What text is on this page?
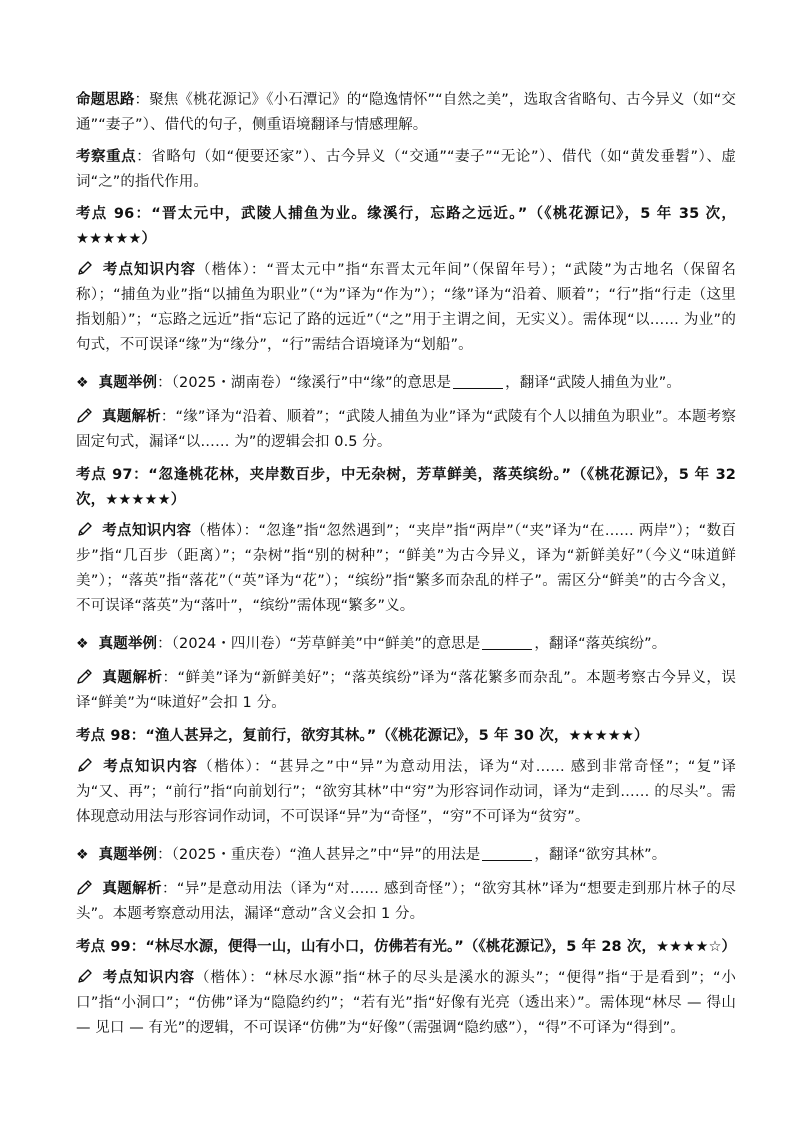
命题思路：聚焦《桃花源记》《小石潭记》的“隐逸情怀”“自然之美”，选取含省略句、古今异义（如“交通”“妻子”）、借代的句子，侧重语境翻译与情感理解。

考察重点：省略句（如“便要还家”）、古今异义（“交通”“妻子”“无论”）、借代（如“黄发垂髫”）、虚词“之”的指代作用。

考点 96：“晋太元中，武陵人捕鱼为业。缘溪行，忘路之远近。”（《桃花源记》，5 年 35 次，★★★★★）

考点知识内容（楷体）：“晋太元中”指“东晋太元年间”（保留年号）；“武陵”为古地名（保留名称）；“捕鱼为业”指“以捕鱼为职业”（“为”译为“作为”）；“缘”译为“沿着、顺着”；“行”指“行走（这里指划船）”；“忘路之远近”指“忘记了路的远近”（“之”用于主谓之间，无实义）。需体现“以…… 为业”的句式，不可误译“缘”为“缘分”，“行”需结合语境译为“划船”。

❖ 真题举例：（2025・湖南卷）“缘溪行”中“缘”的意思是	，翻译“武陵人捕鱼为业”。

真题解析：“缘”译为“沿着、顺着”；“武陵人捕鱼为业”译为“武陵有个人以捕鱼为职业”。本题考察固定句式，漏译“以…… 为”的逻辑会扣 0.5 分。

考点 97：“忽逢桃花林，夹岸数百步，中无杂树，芳草鲜美，落英缤纷。”（《桃花源记》，5 年 32 次，★★★★★）

考点知识内容（楷体）：“忽逢”指“忽然遇到”；“夹岸”指“两岸”（“夹”译为“在…… 两岸”）；“数百步”指“几百步（距离）”；“杂树”指“别的树种”；“鲜美”为古今异义，译为“新鲜美好”（今义“味道鲜美”）；“落英”指“落花”（“英”译为“花”）；“缤纷”指“繁多而杂乱的样子”。需区分“鲜美”的古今含义，不可误译“落英”为“落叶”，“缤纷”需体现“繁多”义。

❖ 真题举例：（2024・四川卷）“芳草鲜美”中“鲜美”的意思是	，翻译“落英缤纷”。

真题解析：“鲜美”译为“新鲜美好”；“落英缤纷”译为“落花繁多而杂乱”。本题考察古今异义，误译“鲜美”为“味道好”会扣 1 分。

考点 98：“渔人甚异之，复前行，欲穷其林。”（《桃花源记》，5 年 30 次，★★★★★）

考点知识内容（楷体）：“甚异之”中“异”为意动用法，译为“对…… 感到非常奇怪”；“复”译为“又、再”；“前行”指“向前划行”；“欲穷其林”中“穷”为形容词作动词，译为“走到…… 的尽头”。需体现意动用法与形容词作动词，不可误译“异”为“奇怪”，“穷”不可译为“贫穷”。

❖ 真题举例：（2025・重庆卷）“渔人甚异之”中“异”的用法是	，翻译“欲穷其林”。

真题解析：“异”是意动用法（译为“对…… 感到奇怪”）；“欲穷其林”译为“想要走到那片林子的尽头”。本题考察意动用法，漏译“意动”含义会扣 1 分。

考点 99：“林尽水源，便得一山，山有小口，仿佛若有光。”（《桃花源记》，5 年 28 次，★★★★☆）

考点知识内容（楷体）：“林尽水源”指“林子的尽头是溪水的源头”；“便得”指“于是看到”；“小口”指“小洞口”；“仿佛”译为“隐隐约约”；“若有光”指“好像有光亮（透出来）”。需体现“林尽 — 得山 — 见口 — 有光”的逻辑，不可误译“仿佛”为“好像”（需强调“隐约感”），“得”不可译为“得到”。
